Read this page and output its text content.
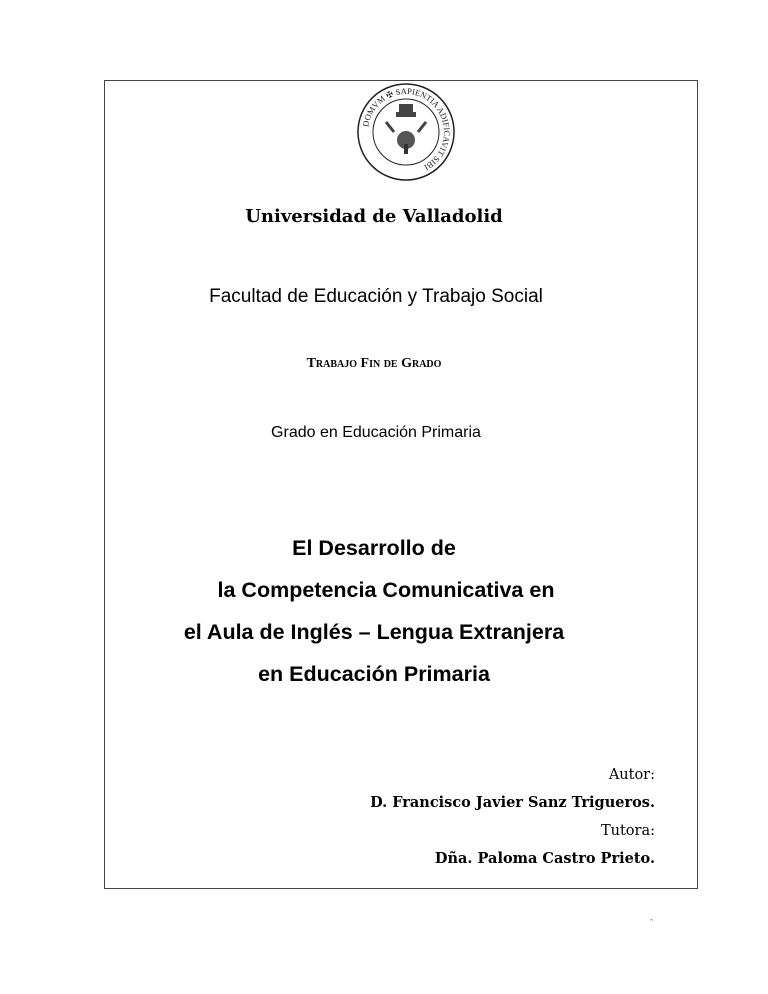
DOMVM ✠ SAPIENTIA ADIFICAVIT SIBI
Universidad de Valladolid
Facultad de Educación y Trabajo Social
Trabajo Fin de Grado
Grado en Educación Primaria
El Desarrollo de
la Competencia Comunicativa en
el Aula de Inglés – Lengua Extranjera
en Educación Primaria
Autor:
D. Francisco Javier Sanz Trigueros.
Tutora:
Dña. Paloma Castro Prieto.
ˆ
